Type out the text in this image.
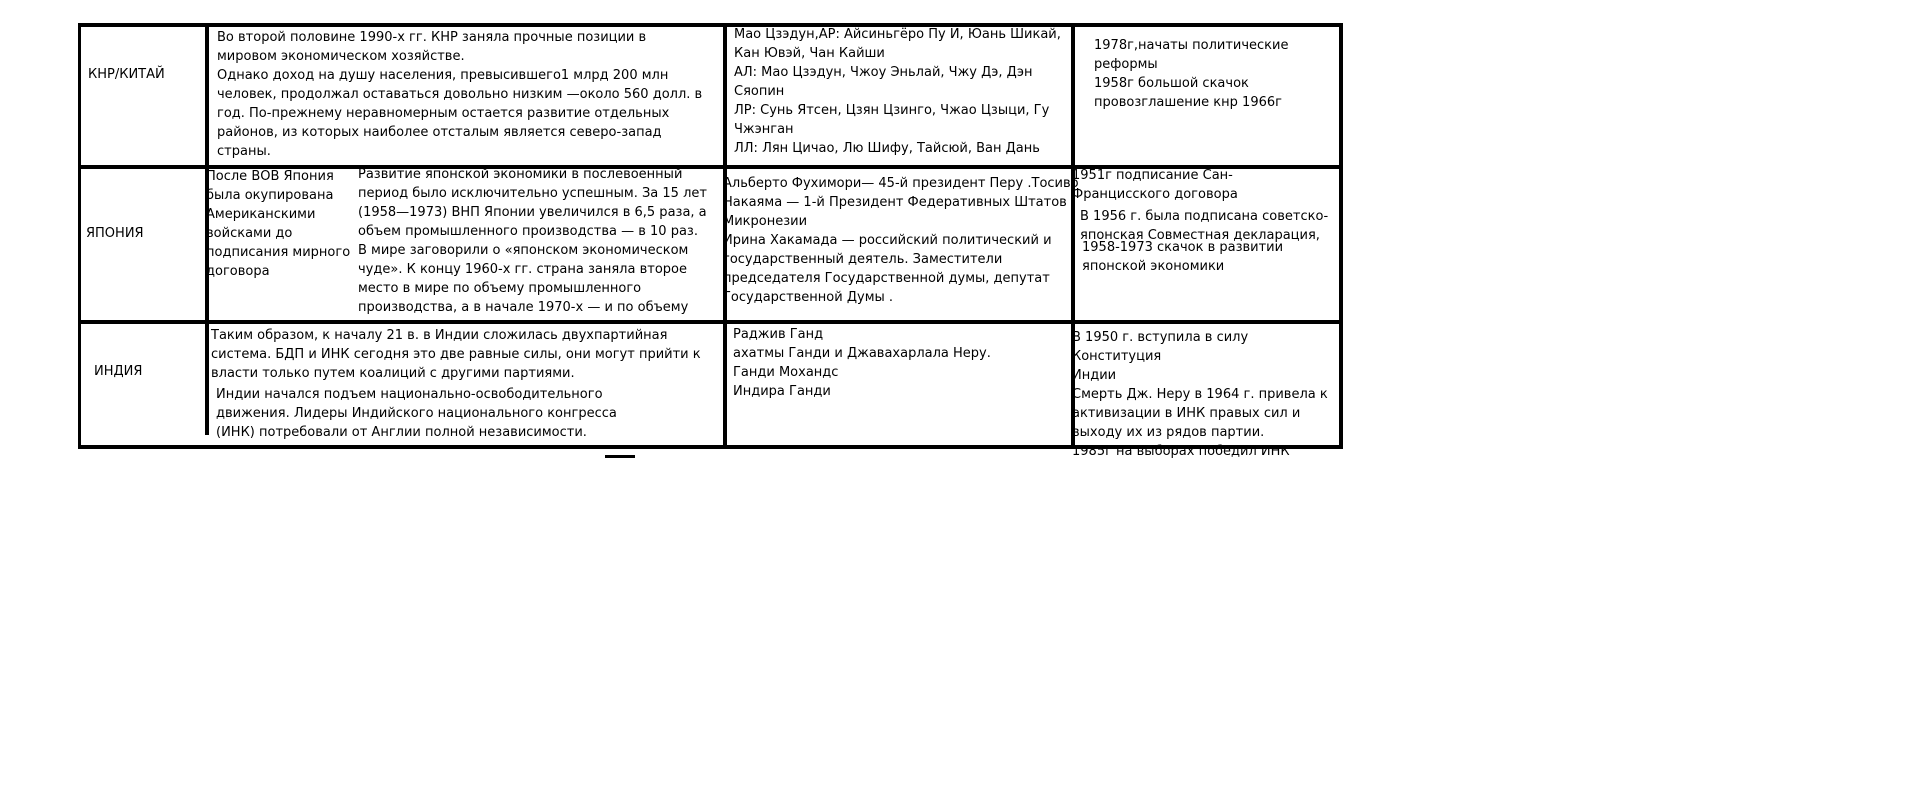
КНР/КИТАЙ
Во второй половине 1990-х гг. КНР заняла прочные позиции в
мировом экономическом хозяйстве.
Однако доход на душу населения, превысившего1 млрд 200 млн
человек, продолжал оставаться довольно низким —около 560 долл. в
год. По-прежнему неравномерным остается развитие отдельных
районов, из которых наиболее отсталым является северо-запад
страны.
Мао Цзэдун,АР: Айсиньгёро Пу И, Юань Шикай,
Кан Ювэй, Чан Кайши
АЛ: Мао Цзэдун, Чжоу Эньлай, Чжу Дэ, Дэн
Сяопин
ЛР: Сунь Ятсен, Цзян Цзинго, Чжао Цзыци, Гу
Чжэнган
ЛЛ: Лян Цичао, Лю Шифу, Тайсюй, Ван Дань
1978г,начаты политические
реформы
1958г большой скачок
провозглашение кнр 1966г
ЯПОНИЯ
После ВОВ Япония
была окупирована
Американскими
войсками до
подписания мирного
договора
Развитие японской экономики в послевоенный
период было исключительно успешным. За 15 лет
(1958—1973) ВНП Японии увеличился в 6,5 раза, а
объем промышленного производства — в 10 раз.
В мире заговорили о «японском экономическом
чуде». К концу 1960-х гг. страна заняла второе
место в мире по объему промышленного
производства, а в начале 1970-х — и по объему
Альберто Фухимори— 45-й президент Перу .Тосиво
Накаяма — 1-й Президент Федеративных Штатов
Микронезии
Ирина Хакамада — российский политический и
государственный деятель. Заместители
председателя Государственной думы, депутат
Государственной Думы .
1951г подписание Сан-
Францисского договора
В 1956 г. была подписана советско-
японская Совместная декларация,
1958-1973 скачок в развитии
японской экономики
ИНДИЯ
Таким образом, к началу 21 в. в Индии сложилась двухпартийная
система. БДП и ИНК сегодня это две равные силы, они могут прийти к
власти только путем коалиций с другими партиями.
Индии начался подъем национально-освободительного
движения. Лидеры Индийского национального конгресса
(ИНК) потребовали от Англии полной независимости.
Раджив Ганд
ахатмы Ганди и Джавахарлала Неру.
Ганди Мохандс
Индира Ганди
В 1950 г. вступила в силу Конституция
Индии
Смерть Дж. Неру в 1964 г. привела к
активизации в ИНК правых сил и
выходу их из рядов партии.
1985г на выборах победил ИНК
